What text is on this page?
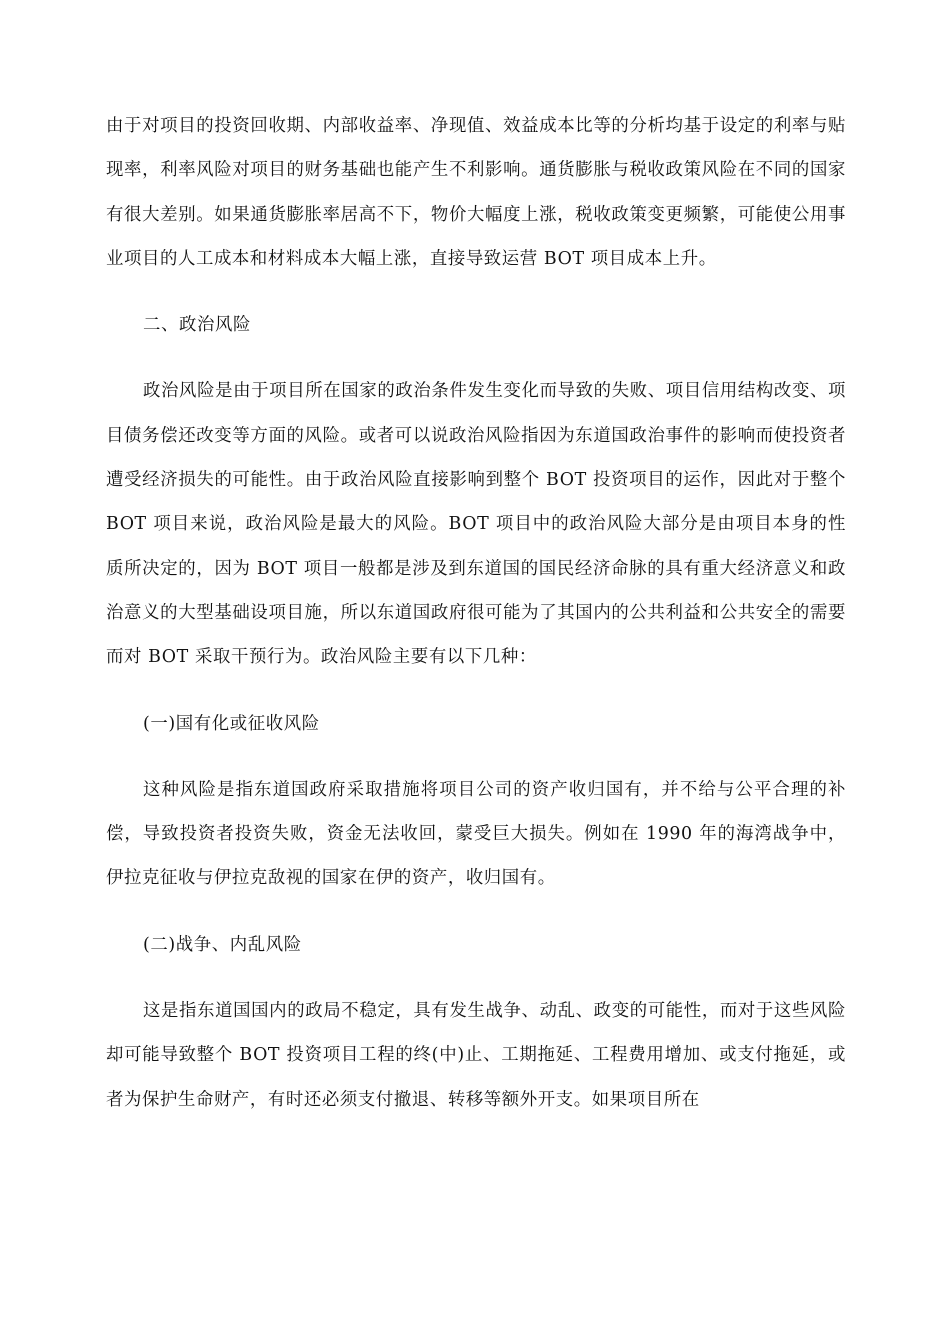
由于对项目的投资回收期、内部收益率、净现值、效益成本比等的分析均基于设定的利率与贴现率，利率风险对项目的财务基础也能产生不利影响。通货膨胀与税收政策风险在不同的国家有很大差别。如果通货膨胀率居高不下，物价大幅度上涨，税收政策变更频繁，可能使公用事业项目的人工成本和材料成本大幅上涨，直接导致运营 BOT 项目成本上升。

二、政治风险

政治风险是由于项目所在国家的政治条件发生变化而导致的失败、项目信用结构改变、项目债务偿还改变等方面的风险。或者可以说政治风险指因为东道国政治事件的影响而使投资者遭受经济损失的可能性。由于政治风险直接影响到整个 BOT 投资项目的运作，因此对于整个 BOT 项目来说，政治风险是最大的风险。BOT 项目中的政治风险大部分是由项目本身的性质所决定的，因为 BOT 项目一般都是涉及到东道国的国民经济命脉的具有重大经济意义和政治意义的大型基础设项目施，所以东道国政府很可能为了其国内的公共利益和公共安全的需要而对 BOT 采取干预行为。政治风险主要有以下几种：

(一)国有化或征收风险

这种风险是指东道国政府采取措施将项目公司的资产收归国有，并不给与公平合理的补偿，导致投资者投资失败，资金无法收回，蒙受巨大损失。例如在 1990 年的海湾战争中，伊拉克征收与伊拉克敌视的国家在伊的资产，收归国有。

(二)战争、内乱风险

这是指东道国国内的政局不稳定，具有发生战争、动乱、政变的可能性，而对于这些风险却可能导致整个 BOT 投资项目工程的终(中)止、工期拖延、工程费用增加、或支付拖延，或者为保护生命财产，有时还必须支付撤退、转移等额外开支。如果项目所在
